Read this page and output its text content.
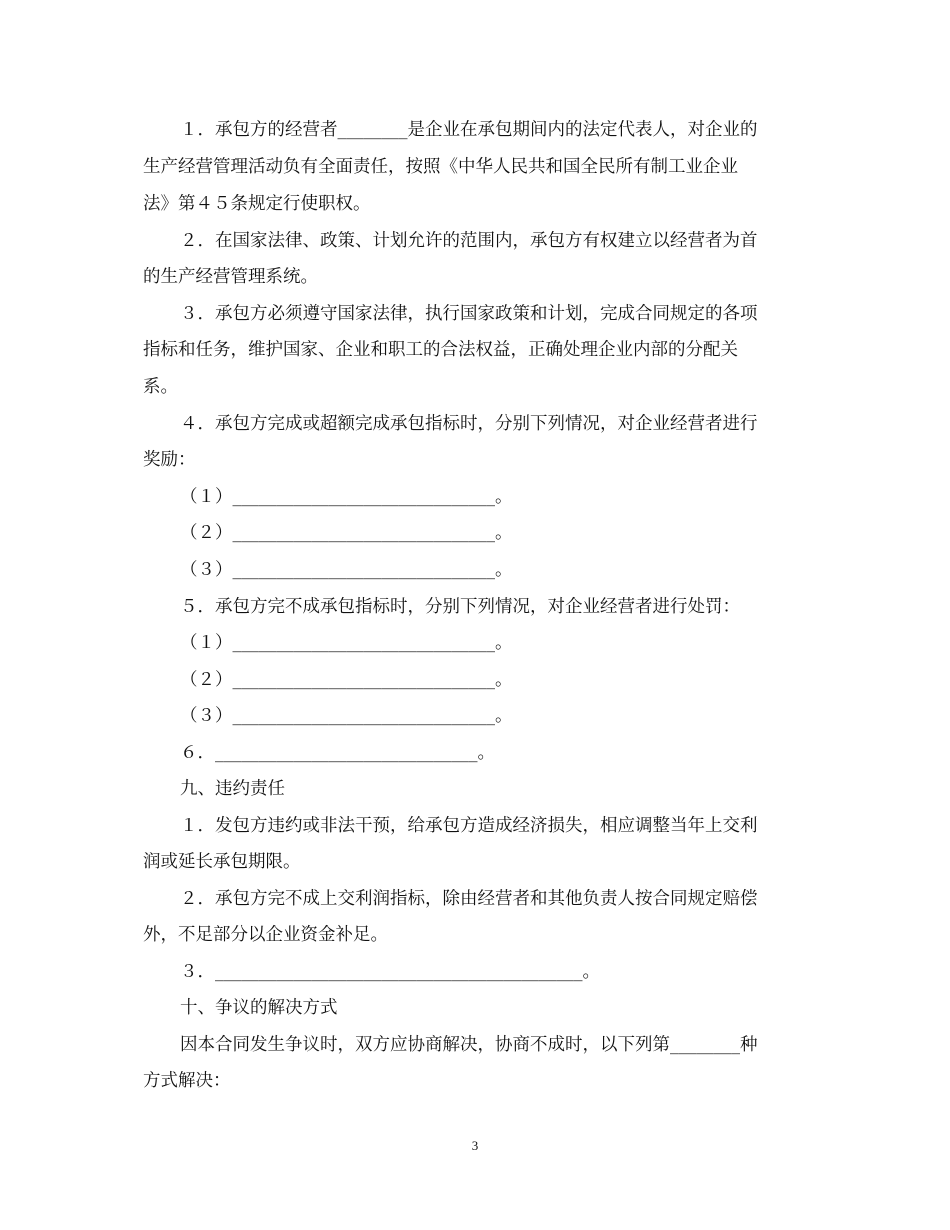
１．承包方的经营者________是企业在承包期间内的法定代表人，对企业的
生产经营管理活动负有全面责任，按照《中华人民共和国全民所有制工业企业
法》第４５条规定行使职权。
２．在国家法律、政策、计划允许的范围内，承包方有权建立以经营者为首
的生产经营管理系统。
３．承包方必须遵守国家法律，执行国家政策和计划，完成合同规定的各项
指标和任务，维护国家、企业和职工的合法权益，正确处理企业内部的分配关
系。
４．承包方完成或超额完成承包指标时，分别下列情况，对企业经营者进行
奖励：
（１）______________________________。
（２）______________________________。
（３）______________________________。
５．承包方完不成承包指标时，分别下列情况，对企业经营者进行处罚：
（１）______________________________。
（２）______________________________。
（３）______________________________。
６．______________________________。
九、违约责任
１．发包方违约或非法干预，给承包方造成经济损失，相应调整当年上交利
润或延长承包期限。
２．承包方完不成上交利润指标，除由经营者和其他负责人按合同规定赔偿
外，不足部分以企业资金补足。
３．__________________________________________。
十、争议的解决方式
因本合同发生争议时，双方应协商解决，协商不成时，以下列第________种
方式解决：
3
